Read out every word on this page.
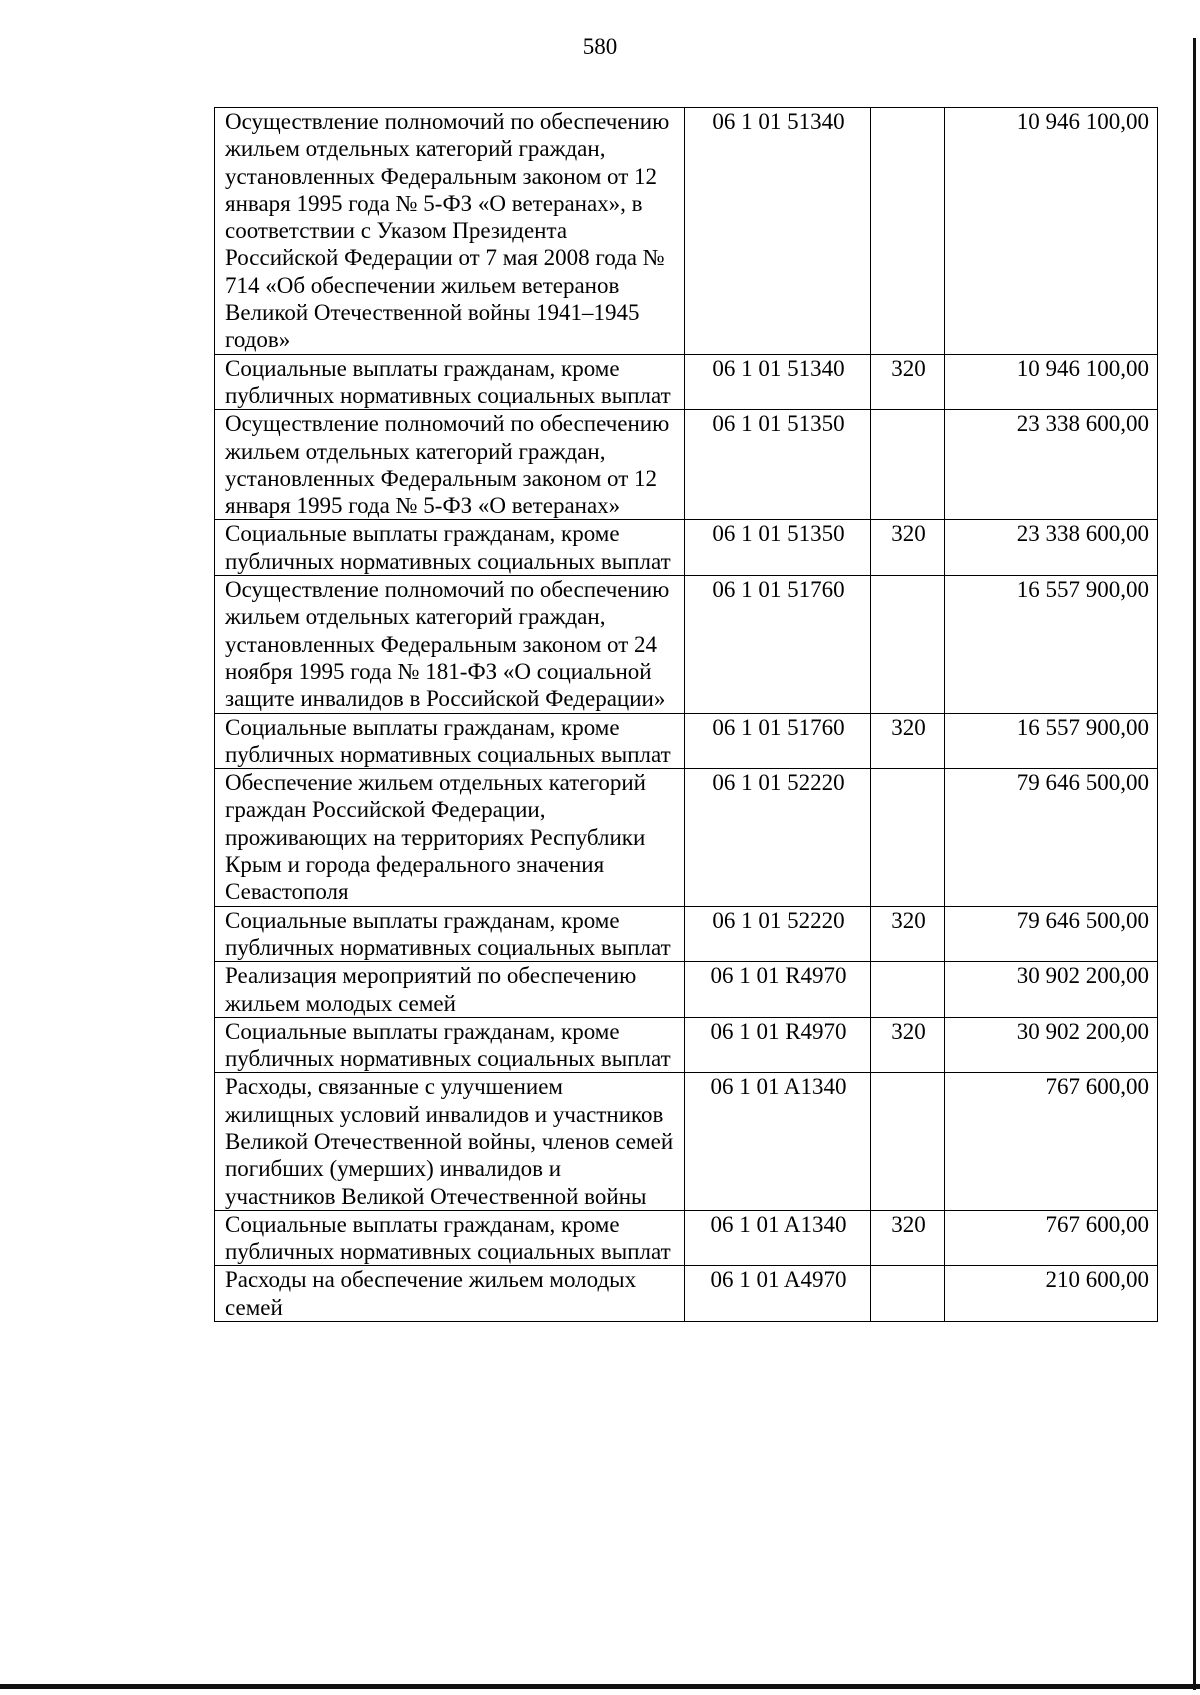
580
Осуществление полномочий по обеспечению жильем отдельных категорий граждан, установленных Федеральным законом от 12 января 1995 года № 5-ФЗ «О ветеранах», в соответствии с Указом Президента Российской Федерации от 7 мая 2008 года № 714 «Об обеспечении жильем ветеранов Великой Отечественной войны 1941–1945 годов»	06 1 01 51340		10 946 100,00
Социальные выплаты гражданам, кроме публичных нормативных социальных выплат	06 1 01 51340	320	10 946 100,00
Осуществление полномочий по обеспечению жильем отдельных категорий граждан, установленных Федеральным законом от 12 января 1995 года № 5-ФЗ «О ветеранах»	06 1 01 51350		23 338 600,00
Социальные выплаты гражданам, кроме публичных нормативных социальных выплат	06 1 01 51350	320	23 338 600,00
Осуществление полномочий по обеспечению жильем отдельных категорий граждан, установленных Федеральным законом от 24 ноября 1995 года № 181-ФЗ «О социальной защите инвалидов в Российской Федерации»	06 1 01 51760		16 557 900,00
Социальные выплаты гражданам, кроме публичных нормативных социальных выплат	06 1 01 51760	320	16 557 900,00
Обеспечение жильем отдельных категорий граждан Российской Федерации, проживающих на территориях Республики Крым и города федерального значения Севастополя	06 1 01 52220		79 646 500,00
Социальные выплаты гражданам, кроме публичных нормативных социальных выплат	06 1 01 52220	320	79 646 500,00
Реализация мероприятий по обеспечению жильем молодых семей	06 1 01 R4970		30 902 200,00
Социальные выплаты гражданам, кроме публичных нормативных социальных выплат	06 1 01 R4970	320	30 902 200,00
Расходы, связанные с улучшением жилищных условий инвалидов и участников Великой Отечественной войны, членов семей погибших (умерших) инвалидов и участников Великой Отечественной войны	06 1 01 A1340		767 600,00
Социальные выплаты гражданам, кроме публичных нормативных социальных выплат	06 1 01 A1340	320	767 600,00
Расходы на обеспечение жильем молодых семей	06 1 01 A4970		210 600,00
